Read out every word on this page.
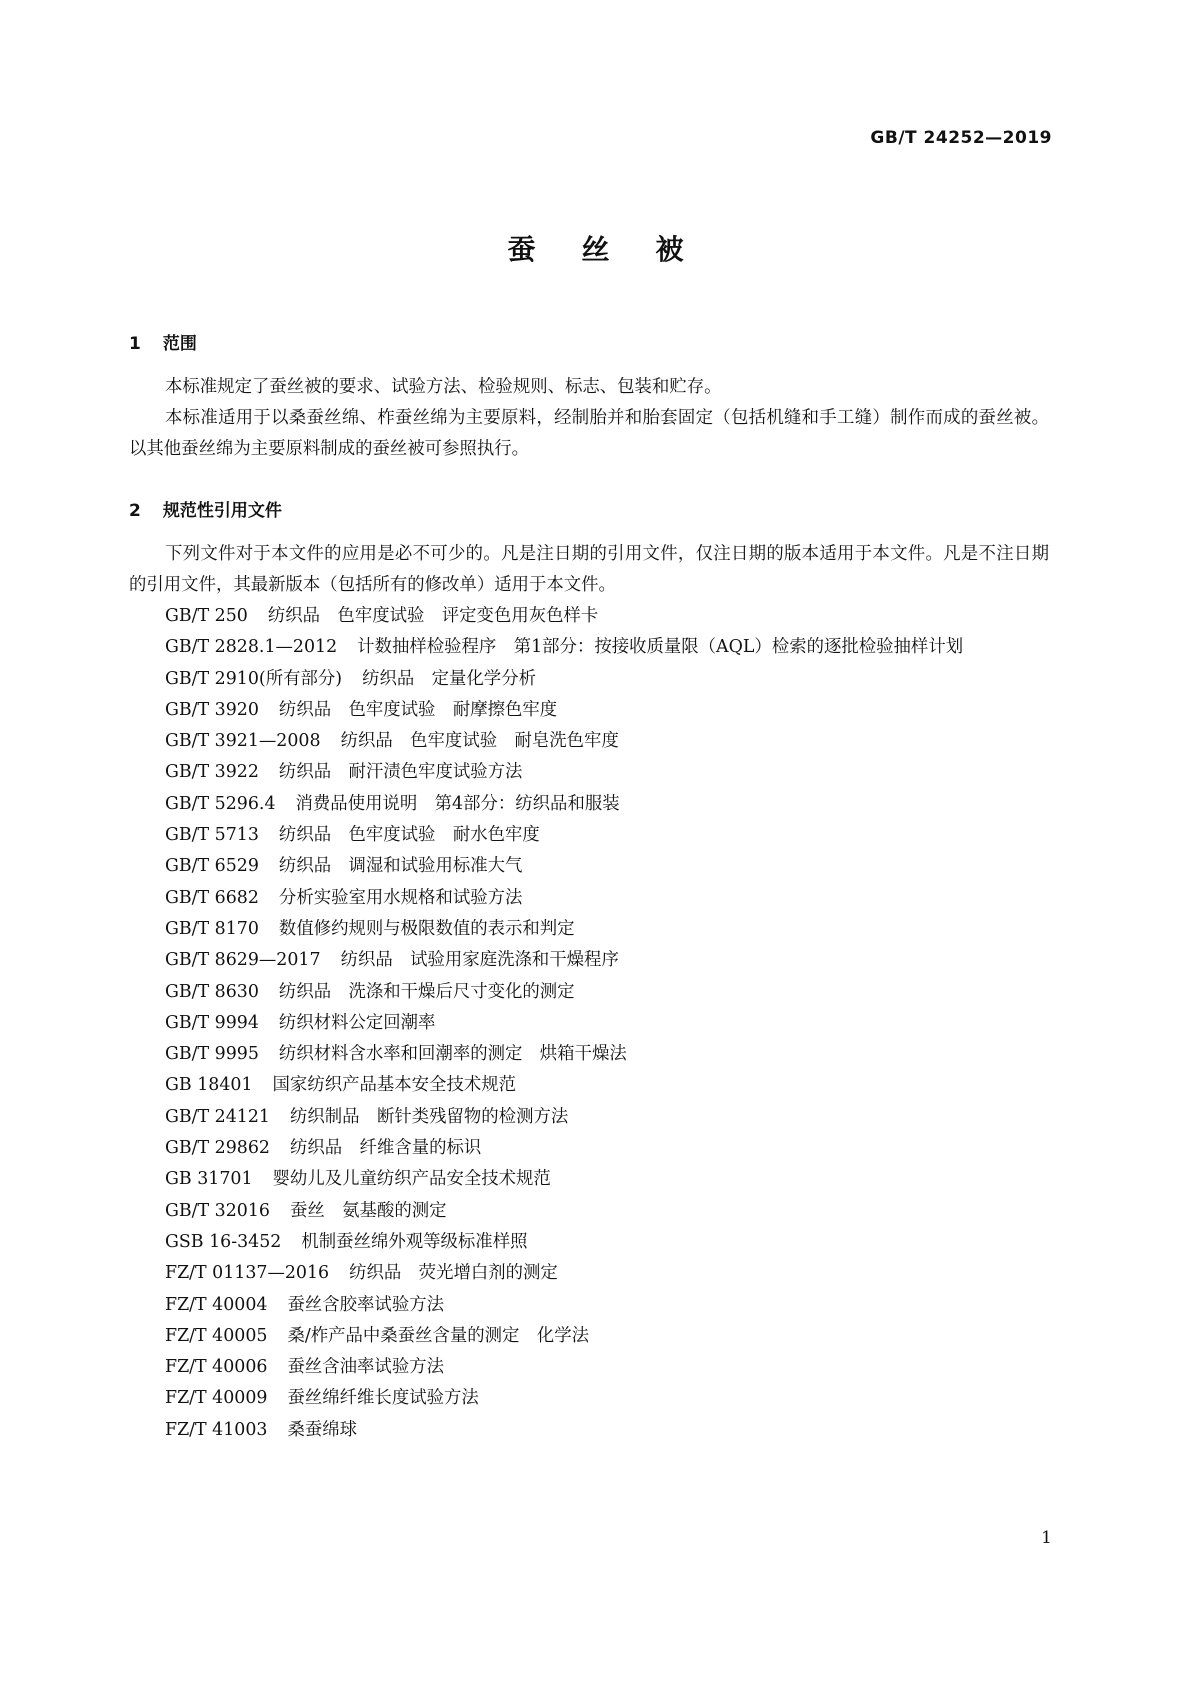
GB/T 24252—2019
蚕丝被
1 范围

本标准规定了蚕丝被的要求、试验方法、检验规则、标志、包装和贮存。

本标准适用于以桑蚕丝绵、柞蚕丝绵为主要原料，经制胎并和胎套固定（包括机缝和手工缝）制作而成的蚕丝被。以其他蚕丝绵为主要原料制成的蚕丝被可参照执行。

2 规范性引用文件

下列文件对于本文件的应用是必不可少的。凡是注日期的引用文件，仅注日期的版本适用于本文件。凡是不注日期的引用文件，其最新版本（包括所有的修改单）适用于本文件。

GB/T 250 纺织品　色牢度试验　评定变色用灰色样卡
GB/T 2828.1—2012 计数抽样检验程序　第1部分：按接收质量限（AQL）检索的逐批检验抽样计划
GB/T 2910(所有部分) 纺织品　定量化学分析
GB/T 3920 纺织品　色牢度试验　耐摩擦色牢度
GB/T 3921—2008 纺织品　色牢度试验　耐皂洗色牢度
GB/T 3922 纺织品　耐汗渍色牢度试验方法
GB/T 5296.4 消费品使用说明　第4部分：纺织品和服装
GB/T 5713 纺织品　色牢度试验　耐水色牢度
GB/T 6529 纺织品　调湿和试验用标准大气
GB/T 6682 分析实验室用水规格和试验方法
GB/T 8170 数值修约规则与极限数值的表示和判定
GB/T 8629—2017 纺织品　试验用家庭洗涤和干燥程序
GB/T 8630 纺织品　洗涤和干燥后尺寸变化的测定
GB/T 9994 纺织材料公定回潮率
GB/T 9995 纺织材料含水率和回潮率的测定　烘箱干燥法
GB 18401 国家纺织产品基本安全技术规范
GB/T 24121 纺织制品　断针类残留物的检测方法
GB/T 29862 纺织品　纤维含量的标识
GB 31701 婴幼儿及儿童纺织产品安全技术规范
GB/T 32016 蚕丝　氨基酸的测定
GSB 16-3452 机制蚕丝绵外观等级标准样照
FZ/T 01137—2016 纺织品　荧光增白剂的测定
FZ/T 40004 蚕丝含胶率试验方法
FZ/T 40005 桑/柞产品中桑蚕丝含量的测定　化学法
FZ/T 40006 蚕丝含油率试验方法
FZ/T 40009 蚕丝绵纤维长度试验方法
FZ/T 41003 桑蚕绵球
1
